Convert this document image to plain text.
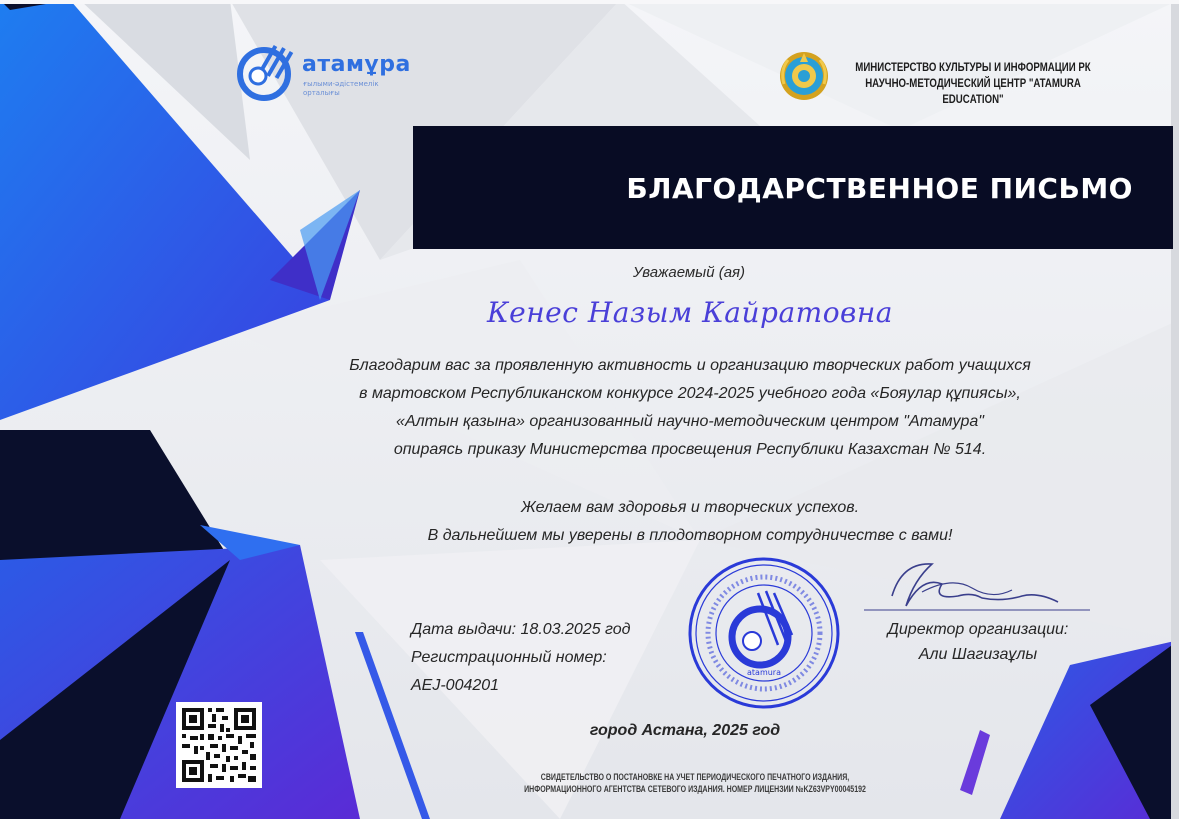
атамұра
ғылыми-әдістемелік орталығы
МИНИСТЕРСТВО КУЛЬТУРЫ И ИНФОРМАЦИИ РК
НАУЧНО-МЕТОДИЧЕСКИЙ ЦЕНТР "ATAMURA EDUCATION"
БЛАГОДАРСТВЕННОЕ ПИСЬМО
Уважаемый (ая)
Кенес Назым Кайратовна
Благодарим вас за проявленную активность и организацию творческих работ учащихся
в мартовском Республиканском конкурсе 2024-2025 учебного года «Бояулар құпиясы»,
«Алтын қазына» организованный научно-методическим центром "Атамура"
опираясь приказу Министерства просвещения Республики Казахстан № 514.
Желаем вам здоровья и творческих успехов.
В дальнейшем мы уверены в плодотворном сотрудничестве с вами!
Дата выдачи: 18.03.2025 год
Регистрационный номер:
AEJ-004201
atamura
Директор организации:
Али Шагизаұлы
город Астана, 2025 год
СВИДЕТЕЛЬСТВО О ПОСТАНОВКЕ НА УЧЕТ ПЕРИОДИЧЕСКОГО ПЕЧАТНОГО ИЗДАНИЯ,
ИНФОРМАЦИОННОГО АГЕНТСТВА СЕТЕВОГО ИЗДАНИЯ. НОМЕР ЛИЦЕНЗИИ №KZ63VPY00045192
